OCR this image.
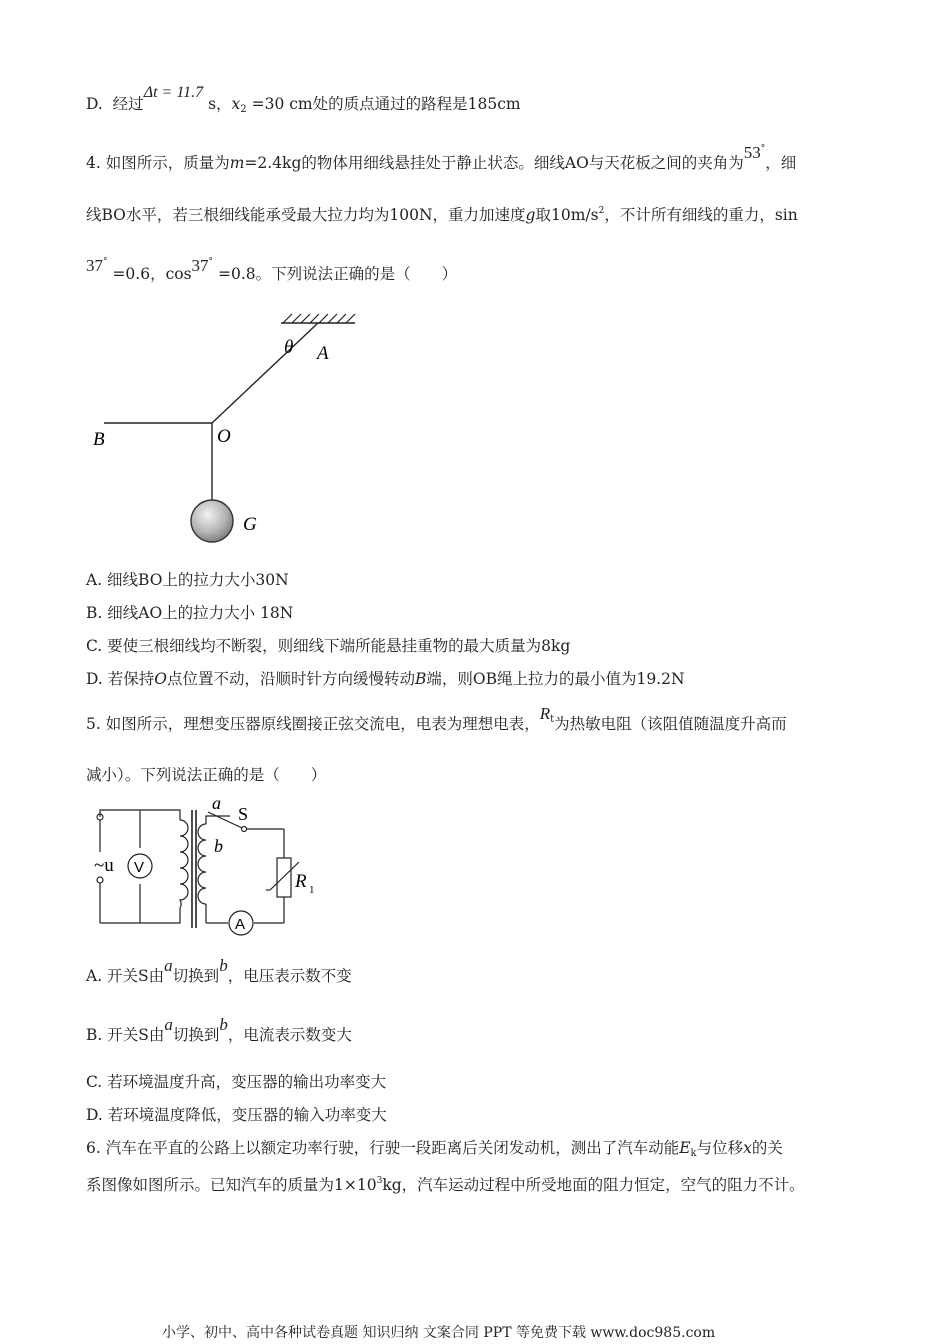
D. 经过Δt = 11.7 s，x2 =30 cm处的质点通过的路程是185cm
4. 如图所示，质量为m=2.4kg的物体用细线悬挂处于静止状态。细线AO与天花板之间的夹角为53°，细
线BO水平，若三根细线能承受最大拉力均为100N，重力加速度g取$10m/s^2$，不计所有细线的重力，sin
37° =0.6，cos37° =0.8。下列说法正确的是（　　）
θ A
B	O
G
A. 细线BO上的拉力大小30N
B. 细线AO上的拉力大小 18N
C. 要使三根细线均不断裂，则细线下端所能悬挂重物的最大质量为8kg
D. 若保持O点位置不动，沿顺时针方向缓慢转动B端，则OB绳上拉力的最小值为19.2N
5. 如图所示，理想变压器原线圈接正弦交流电，电表为理想电表，$R^t$为热敏电阻（该阻值随温度升高而
减小）。下列说法正确的是（　　）
~u V
A
a
S
b
R 1
A. 开关S由a切换到b，电压表示数不变
B. 开关S由a切换到b，电流表示数变大
C. 若环境温度升高，变压器的输出功率变大
D. 若环境温度降低，变压器的输入功率变大
6. 汽车在平直的公路上以额定功率行驶，行驶一段距离后关闭发动机，测出了汽车动能Ek与位移x的关
系图像如图所示。已知汽车的质量为$1\times 10^3kg$，汽车运动过程中所受地面的阻力恒定，空气的阻力不计。
小学、初中、高中各种试卷真题 知识归纳 文案合同 PPT 等免费下载 www.doc985.com
